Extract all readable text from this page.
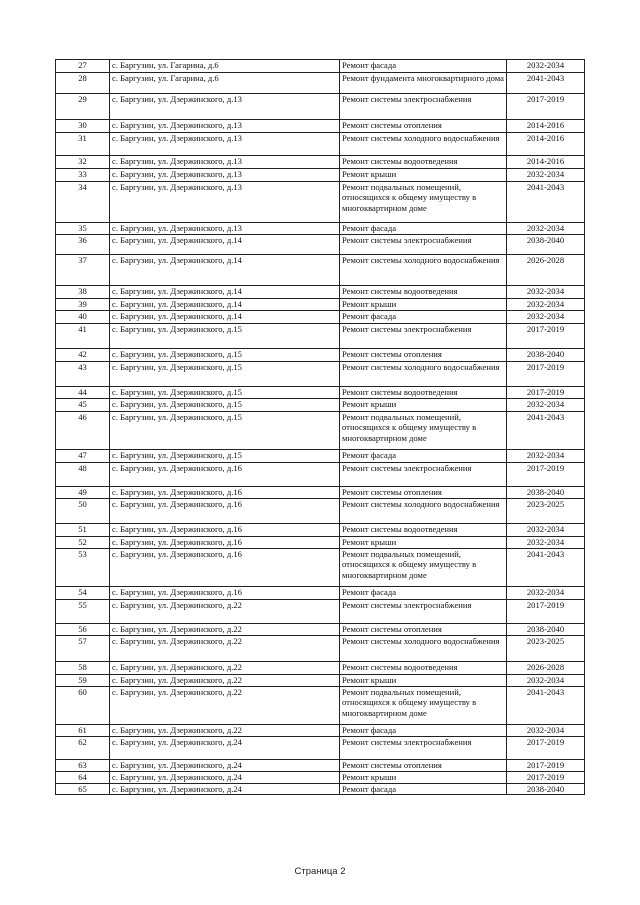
27	с. Баргузин, ул. Гагарина, д.6	Ремонт фасада	2032-2034
28	с. Баргузин, ул. Гагарина, д.6	Ремонт фундамента многоквартирного дома	2041-2043
29	с. Баргузин, ул. Дзержинского, д.13	Ремонт системы электроснабжения	2017-2019
30	с. Баргузин, ул. Дзержинского, д.13	Ремонт системы отопления	2014-2016
31	с. Баргузин, ул. Дзержинского, д.13	Ремонт системы холодного водоснабжения	2014-2016
32	с. Баргузин, ул. Дзержинского, д.13	Ремонт системы водоотведения	2014-2016
33	с. Баргузин, ул. Дзержинского, д.13	Ремонт крыши	2032-2034
34	с. Баргузин, ул. Дзержинского, д.13	Ремонт подвальных помещений, относящихся к общему имуществу в многоквартирном доме	2041-2043
35	с. Баргузин, ул. Дзержинского, д.13	Ремонт фасада	2032-2034
36	с. Баргузин, ул. Дзержинского, д.14	Ремонт системы электроснабжения	2038-2040
37	с. Баргузин, ул. Дзержинского, д.14	Ремонт системы холодного водоснабжения	2026-2028
38	с. Баргузин, ул. Дзержинского, д.14	Ремонт системы водоотведения	2032-2034
39	с. Баргузин, ул. Дзержинского, д.14	Ремонт крыши	2032-2034
40	с. Баргузин, ул. Дзержинского, д.14	Ремонт фасада	2032-2034
41	с. Баргузин, ул. Дзержинского, д.15	Ремонт системы электроснабжения	2017-2019
42	с. Баргузин, ул. Дзержинского, д.15	Ремонт системы отопления	2038-2040
43	с. Баргузин, ул. Дзержинского, д.15	Ремонт системы холодного водоснабжения	2017-2019
44	с. Баргузин, ул. Дзержинского, д.15	Ремонт системы водоотведения	2017-2019
45	с. Баргузин, ул. Дзержинского, д.15	Ремонт крыши	2032-2034
46	с. Баргузин, ул. Дзержинского, д.15	Ремонт подвальных помещений, относящихся к общему имуществу в многоквартирном доме	2041-2043
47	с. Баргузин, ул. Дзержинского, д.15	Ремонт фасада	2032-2034
48	с. Баргузин, ул. Дзержинского, д.16	Ремонт системы электроснабжения	2017-2019
49	с. Баргузин, ул. Дзержинского, д.16	Ремонт системы отопления	2038-2040
50	с. Баргузин, ул. Дзержинского, д.16	Ремонт системы холодного водоснабжения	2023-2025
51	с. Баргузин, ул. Дзержинского, д.16	Ремонт системы водоотведения	2032-2034
52	с. Баргузин, ул. Дзержинского, д.16	Ремонт крыши	2032-2034
53	с. Баргузин, ул. Дзержинского, д.16	Ремонт подвальных помещений, относящихся к общему имуществу в многоквартирном доме	2041-2043
54	с. Баргузин, ул. Дзержинского, д.16	Ремонт фасада	2032-2034
55	с. Баргузин, ул. Дзержинского, д.22	Ремонт системы электроснабжения	2017-2019
56	с. Баргузин, ул. Дзержинского, д.22	Ремонт системы отопления	2038-2040
57	с. Баргузин, ул. Дзержинского, д.22	Ремонт системы холодного водоснабжения	2023-2025
58	с. Баргузин, ул. Дзержинского, д.22	Ремонт системы водоотведения	2026-2028
59	с. Баргузин, ул. Дзержинского, д.22	Ремонт крыши	2032-2034
60	с. Баргузин, ул. Дзержинского, д.22	Ремонт подвальных помещений, относящихся к общему имуществу в многоквартирном доме	2041-2043
61	с. Баргузин, ул. Дзержинского, д.22	Ремонт фасада	2032-2034
62	с. Баргузин, ул. Дзержинского, д.24	Ремонт системы электроснабжения	2017-2019
63	с. Баргузин, ул. Дзержинского, д.24	Ремонт системы отопления	2017-2019
64	с. Баргузин, ул. Дзержинского, д.24	Ремонт крыши	2017-2019
65	с. Баргузин, ул. Дзержинского, д.24	Ремонт фасада	2038-2040
Страница 2
